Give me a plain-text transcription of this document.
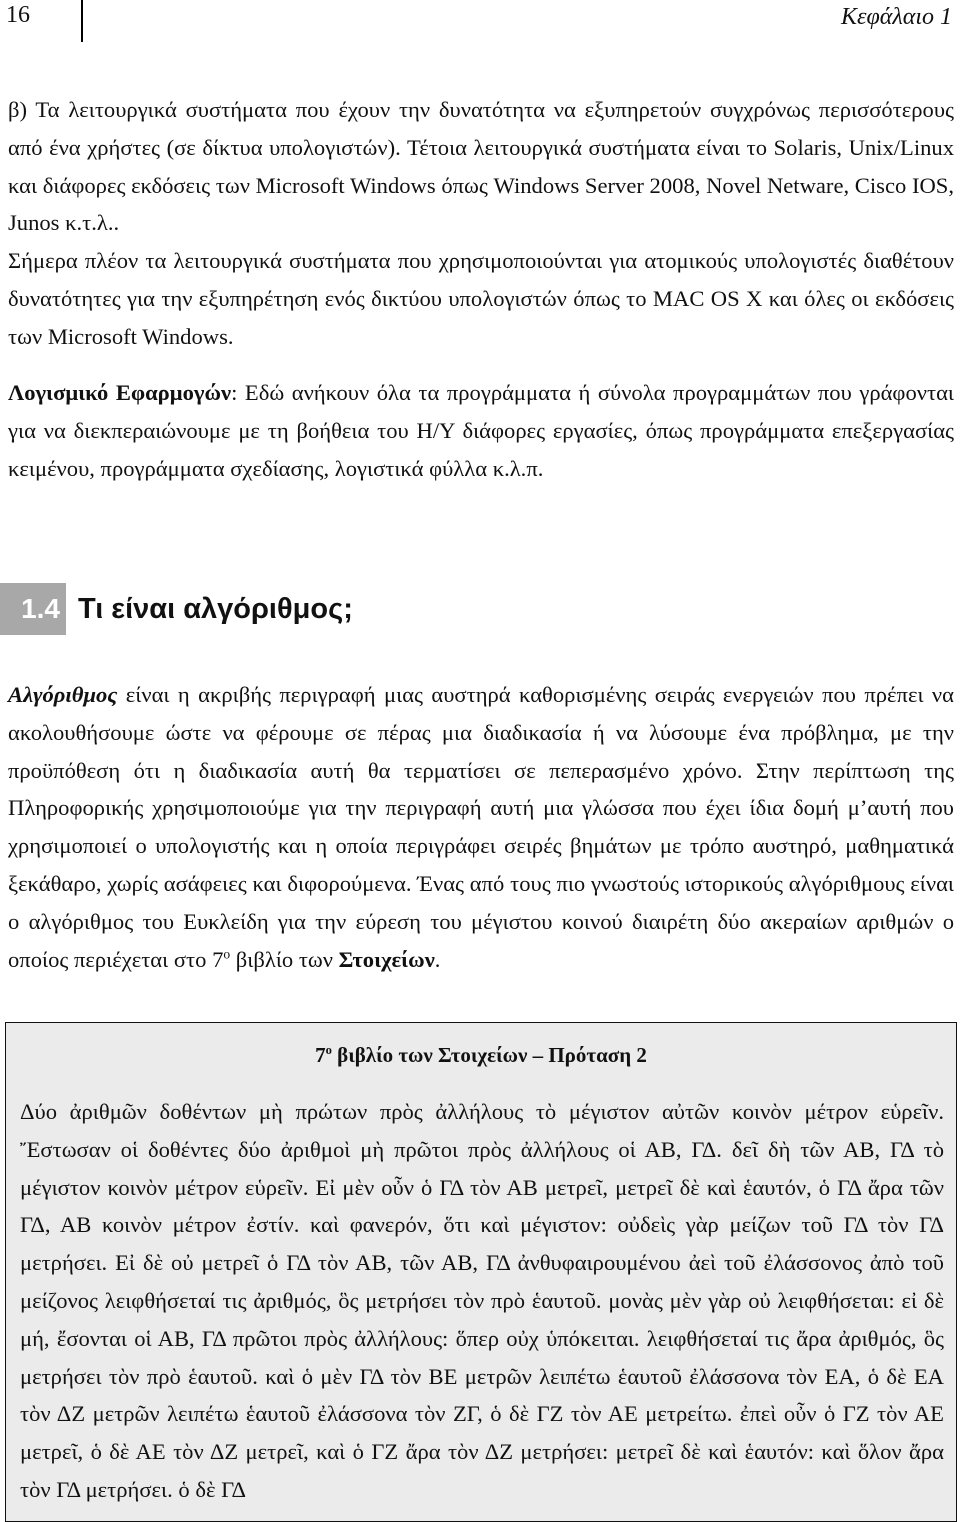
16	Κεφάλαιο 1

β) Τα λειτουργικά συστήματα που έχουν την δυνατότητα να εξυπηρετούν συγχρόνως περισσότερους από ένα χρήστες (σε δίκτυα υπολογιστών). Τέτοια λειτουργικά συστήματα είναι το Solaris, Unix/Linux και διάφορες εκδόσεις των Microsoft Windows όπως Windows Server 2008, Novel Netware, Cisco IOS, Junos κ.τ.λ..

Σήμερα πλέον τα λειτουργικά συστήματα που χρησιμοποιούνται για ατομικούς υπολογιστές διαθέτουν δυνατότητες για την εξυπηρέτηση ενός δικτύου υπολογιστών όπως το MAC OS X και όλες οι εκδόσεις των Microsoft Windows.

Λογισμικό Εφαρμογών: Εδώ ανήκουν όλα τα προγράμματα ή σύνολα προγραμμάτων που γράφονται για να διεκπεραιώνουμε με τη βοήθεια του Η/Υ διάφορες εργασίες, όπως προγράμματα επεξεργασίας κειμένου, προγράμματα σχεδίασης, λογιστικά φύλλα κ.λ.π.

1.4 Τι είναι αλγόριθμος;

Αλγόριθμος είναι η ακριβής περιγραφή μιας αυστηρά καθορισμένης σειράς ενεργειών που πρέπει να ακολουθήσουμε ώστε να φέρουμε σε πέρας μια διαδικασία ή να λύσουμε ένα πρόβλημα, με την προϋπόθεση ότι η διαδικασία αυτή θα τερματίσει σε πεπερασμένο χρόνο. Στην περίπτωση της Πληροφορικής χρησιμοποιούμε για την περιγραφή αυτή μια γλώσσα που έχει ίδια δομή μ’αυτή που χρησιμοποιεί ο υπολογιστής και η οποία περιγράφει σειρές βημάτων με τρόπο αυστηρό, μαθηματικά ξεκάθαρο, χωρίς ασάφειες και διφορούμενα. Ένας από τους πιο γνωστούς ιστορικούς αλγόριθμους είναι ο αλγόριθμος του Ευκλείδη για την εύρεση του μέγιστου κοινού διαιρέτη δύο ακεραίων αριθμών ο οποίος περιέχεται στο $7^o$ βιβλίο των Στοιχείων.

$7^o$ βιβλίο των Στοιχείων – Πρόταση 2
Δύο ἀριθμῶν δοθέντων μὴ πρώτων πρὸς ἀλλήλους τὸ μέγιστον αὐτῶν κοινὸν μέτρον εὑρεῖν. Ἔστωσαν οἱ δοθέντες δύο ἀριθμοὶ μὴ πρῶτοι πρὸς ἀλλήλους οἱ ΑΒ, ΓΔ. δεῖ δὴ τῶν ΑΒ, ΓΔ τὸ μέγιστον κοινὸν μέτρον εὑρεῖν. Εἰ μὲν οὖν ὁ ΓΔ τὸν ΑΒ μετρεῖ, μετρεῖ δὲ καὶ ἑαυτόν, ὁ ΓΔ ἄρα τῶν ΓΔ, ΑΒ κοινὸν μέτρον ἐστίν. καὶ φανερόν, ὅτι καὶ μέγιστον: οὐδεὶς γὰρ μείζων τοῦ ΓΔ τὸν ΓΔ μετρήσει. Εἰ δὲ οὐ μετρεῖ ὁ ΓΔ τὸν ΑΒ, τῶν ΑΒ, ΓΔ ἀνθυφαιρουμένου ἀεὶ τοῦ ἐλάσσονος ἀπὸ τοῦ μείζονος λειφθήσεταί τις ἀριθμός, ὃς μετρήσει τὸν πρὸ ἑαυτοῦ. μονὰς μὲν γὰρ οὐ λειφθήσεται: εἰ δὲ μή, ἔσονται οἱ ΑΒ, ΓΔ πρῶτοι πρὸς ἀλλήλους: ὅπερ οὐχ ὑπόκειται. λειφθήσεταί τις ἄρα ἀριθμός, ὃς μετρήσει τὸν πρὸ ἑαυτοῦ. καὶ ὁ μὲν ΓΔ τὸν ΒΕ μετρῶν λειπέτω ἑαυτοῦ ἐλάσσονα τὸν ΕΑ, ὁ δὲ ΕΑ τὸν ΔΖ μετρῶν λειπέτω ἑαυτοῦ ἐλάσσονα τὸν ΖΓ, ὁ δὲ ΓΖ τὸν ΑΕ μετρείτω. ἐπεὶ οὖν ὁ ΓΖ τὸν ΑΕ μετρεῖ, ὁ δὲ ΑΕ τὸν ΔΖ μετρεῖ, καὶ ὁ ΓΖ ἄρα τὸν ΔΖ μετρήσει: μετρεῖ δὲ καὶ ἑαυτόν: καὶ ὅλον ἄρα τὸν ΓΔ μετρήσει. ὁ δὲ ΓΔ
